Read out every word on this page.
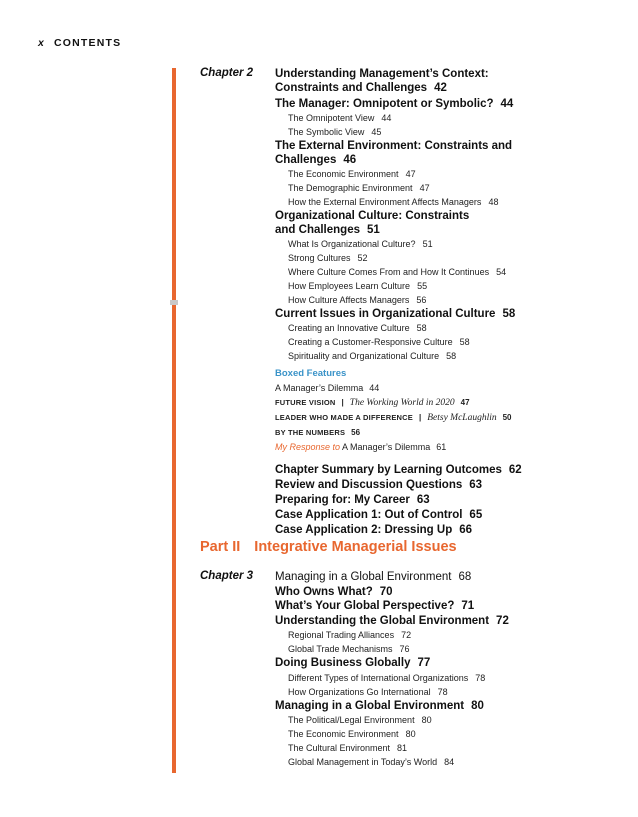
x CONTENTS
Chapter 2 Understanding Management’s Context:
Constraints and Challenges 42
The Manager: Omnipotent or Symbolic? 44
The Omnipotent View 44
The Symbolic View 45
The External Environment: Constraints and
Challenges 46
The Economic Environment 47
The Demographic Environment 47
How the External Environment Affects Managers 48
Organizational Culture: Constraints
and Challenges 51
What Is Organizational Culture? 51
Strong Cultures 52
Where Culture Comes From and How It Continues 54
How Employees Learn Culture 55
How Culture Affects Managers 56
Current Issues in Organizational Culture 58
Creating an Innovative Culture 58
Creating a Customer-Responsive Culture 58
Spirituality and Organizational Culture 58
Boxed Features
A Manager’s Dilemma 44
FUTURE VISION | The Working World in 2020 47
LEADER WHO MADE A DIFFERENCE | Betsy McLaughlin 50
BY THE NUMBERS 56
My Response to A Manager’s Dilemma 61
Chapter Summary by Learning Outcomes 62
Review and Discussion Questions 63
Preparing for: My Career 63
Case Application 1: Out of Control 65
Case Application 2: Dressing Up 66
Part II Integrative Managerial Issues
Chapter 3 Managing in a Global Environment 68
Who Owns What? 70
What’s Your Global Perspective? 71
Understanding the Global Environment 72
Regional Trading Alliances 72
Global Trade Mechanisms 76
Doing Business Globally 77
Different Types of International Organizations 78
How Organizations Go International 78
Managing in a Global Environment 80
The Political/Legal Environment 80
The Economic Environment 80
The Cultural Environment 81
Global Management in Today’s World 84
